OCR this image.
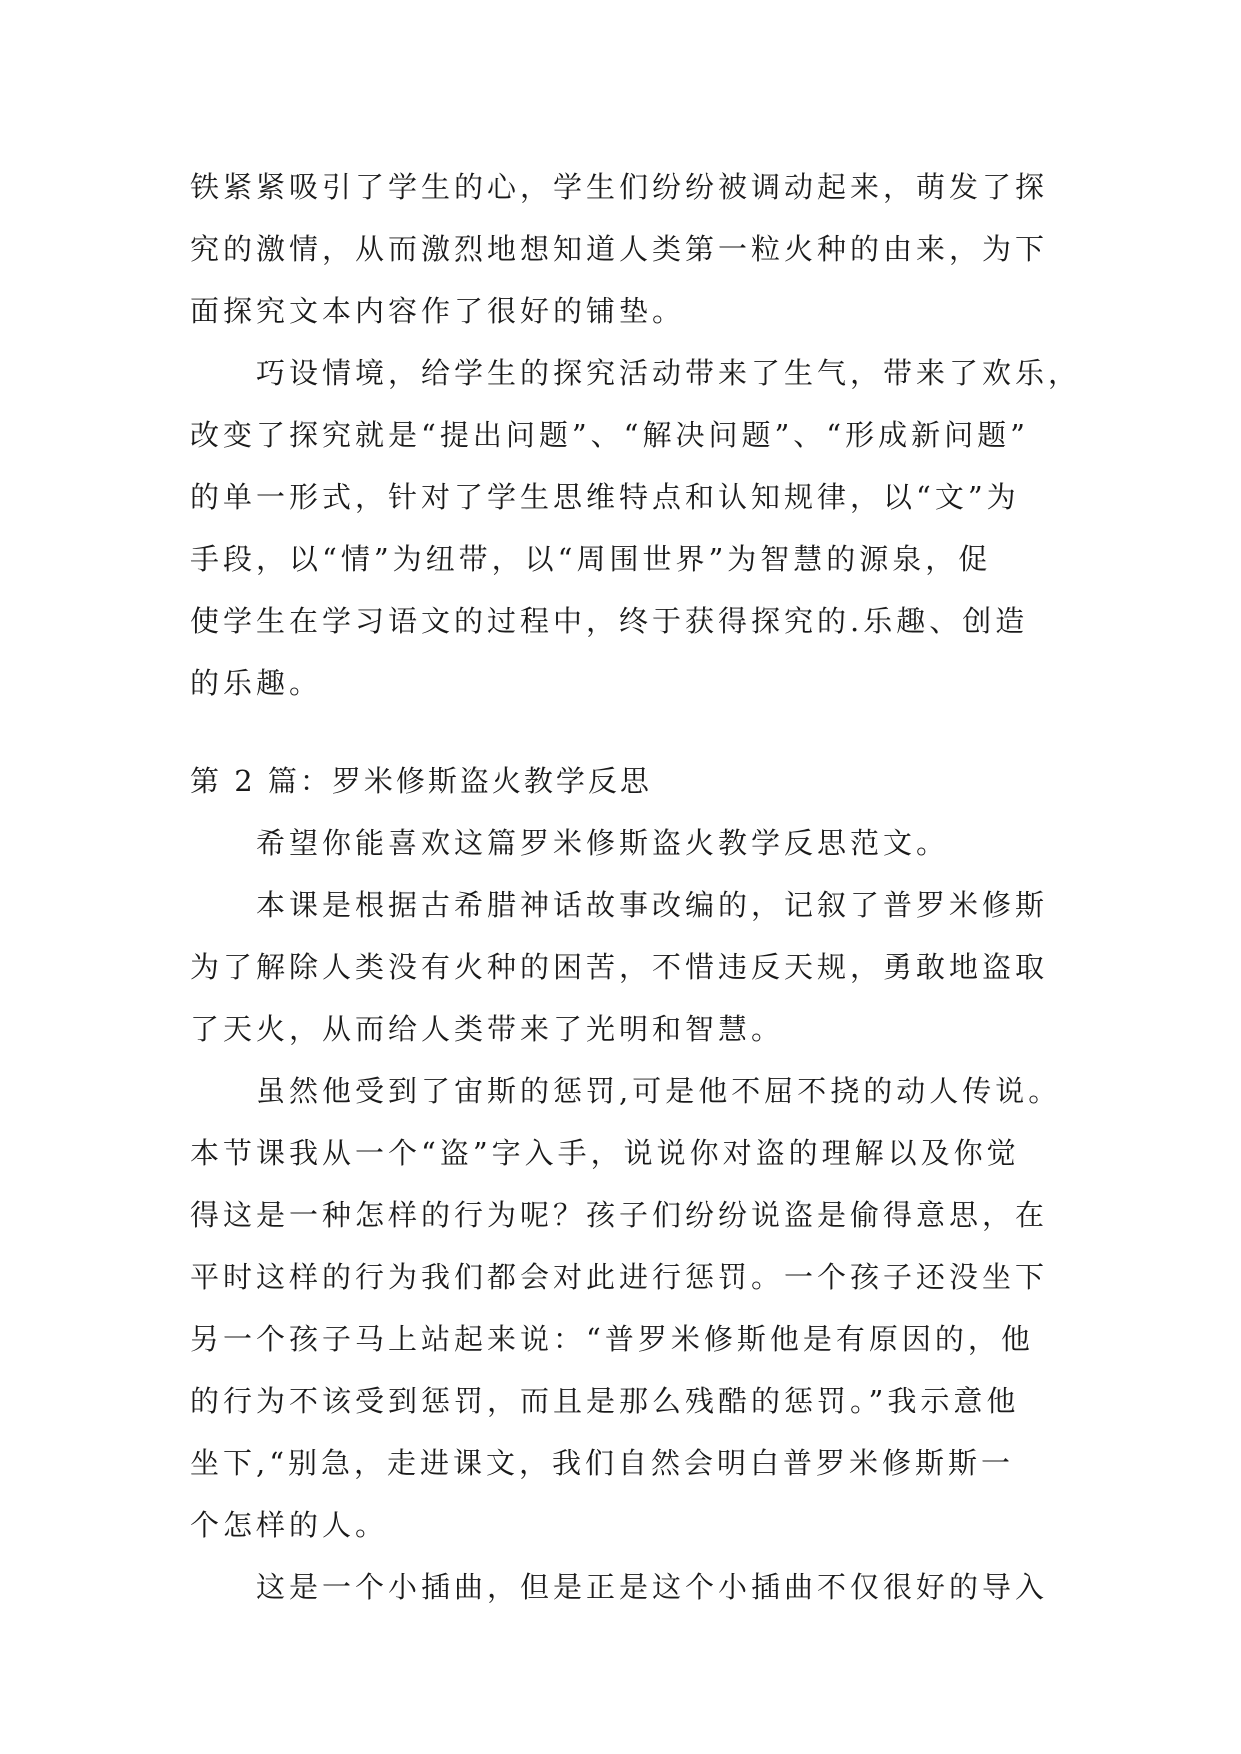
铁紧紧吸引了学生的心，学生们纷纷被调动起来，萌发了探
究的激情，从而激烈地想知道人类第一粒火种的由来，为下
面探究文本内容作了很好的铺垫。
巧设情境，给学生的探究活动带来了生气，带来了欢乐，
改变了探究就是“提出问题”、“解决问题”、“形成新问题”
的单一形式，针对了学生思维特点和认知规律，以“文”为
手段，以“情”为纽带，以“周围世界”为智慧的源泉，促
使学生在学习语文的过程中，终于获得探究的.乐趣、创造
的乐趣。
第 2 篇：罗米修斯盗火教学反思
希望你能喜欢这篇罗米修斯盗火教学反思范文。
本课是根据古希腊神话故事改编的，记叙了普罗米修斯
为了解除人类没有火种的困苦，不惜违反天规，勇敢地盗取
了天火，从而给人类带来了光明和智慧。
虽然他受到了宙斯的惩罚,可是他不屈不挠的动人传说。
本节课我从一个“盗”字入手，说说你对盗的理解以及你觉
得这是一种怎样的行为呢？孩子们纷纷说盗是偷得意思，在
平时这样的行为我们都会对此进行惩罚。一个孩子还没坐下
另一个孩子马上站起来说：“普罗米修斯他是有原因的，他
的行为不该受到惩罚，而且是那么残酷的惩罚。”我示意他
坐下,“别急，走进课文，我们自然会明白普罗米修斯斯一
个怎样的人。
这是一个小插曲，但是正是这个小插曲不仅很好的导入
